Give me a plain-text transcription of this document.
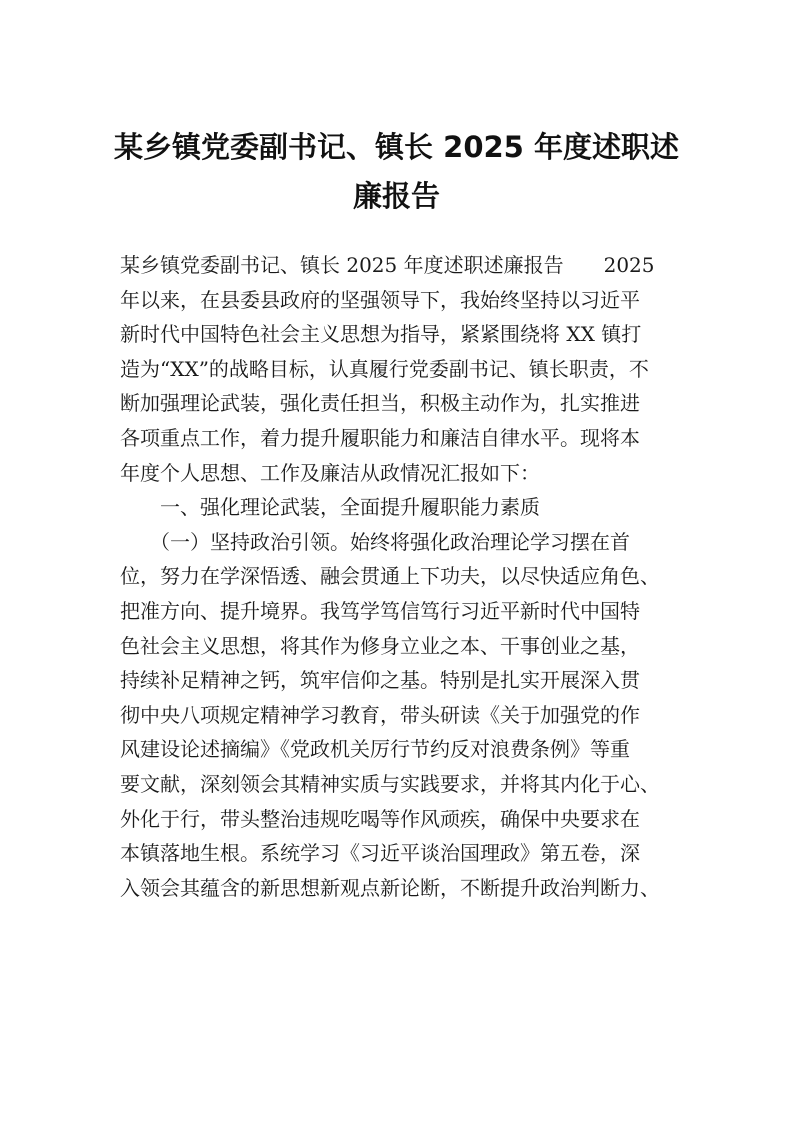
某乡镇党委副书记、镇长 2025 年度述职述
廉报告
某乡镇党委副书记、镇长 2025 年度述职述廉报告　　2025
年以来，在县委县政府的坚强领导下，我始终坚持以习近平
新时代中国特色社会主义思想为指导，紧紧围绕将 XX 镇打
造为“XX”的战略目标，认真履行党委副书记、镇长职责，不
断加强理论武装，强化责任担当，积极主动作为，扎实推进
各项重点工作，着力提升履职能力和廉洁自律水平。现将本
年度个人思想、工作及廉洁从政情况汇报如下：
　　一、强化理论武装，全面提升履职能力素质
　　（一）坚持政治引领。始终将强化政治理论学习摆在首
位，努力在学深悟透、融会贯通上下功夫，以尽快适应角色、
把准方向、提升境界。我笃学笃信笃行习近平新时代中国特
色社会主义思想，将其作为修身立业之本、干事创业之基，
持续补足精神之钙，筑牢信仰之基。特别是扎实开展深入贯
彻中央八项规定精神学习教育，带头研读《关于加强党的作
风建设论述摘编》《党政机关厉行节约反对浪费条例》等重
要文献，深刻领会其精神实质与实践要求，并将其内化于心、
外化于行，带头整治违规吃喝等作风顽疾，确保中央要求在
本镇落地生根。系统学习《习近平谈治国理政》第五卷，深
入领会其蕴含的新思想新观点新论断，不断提升政治判断力、
